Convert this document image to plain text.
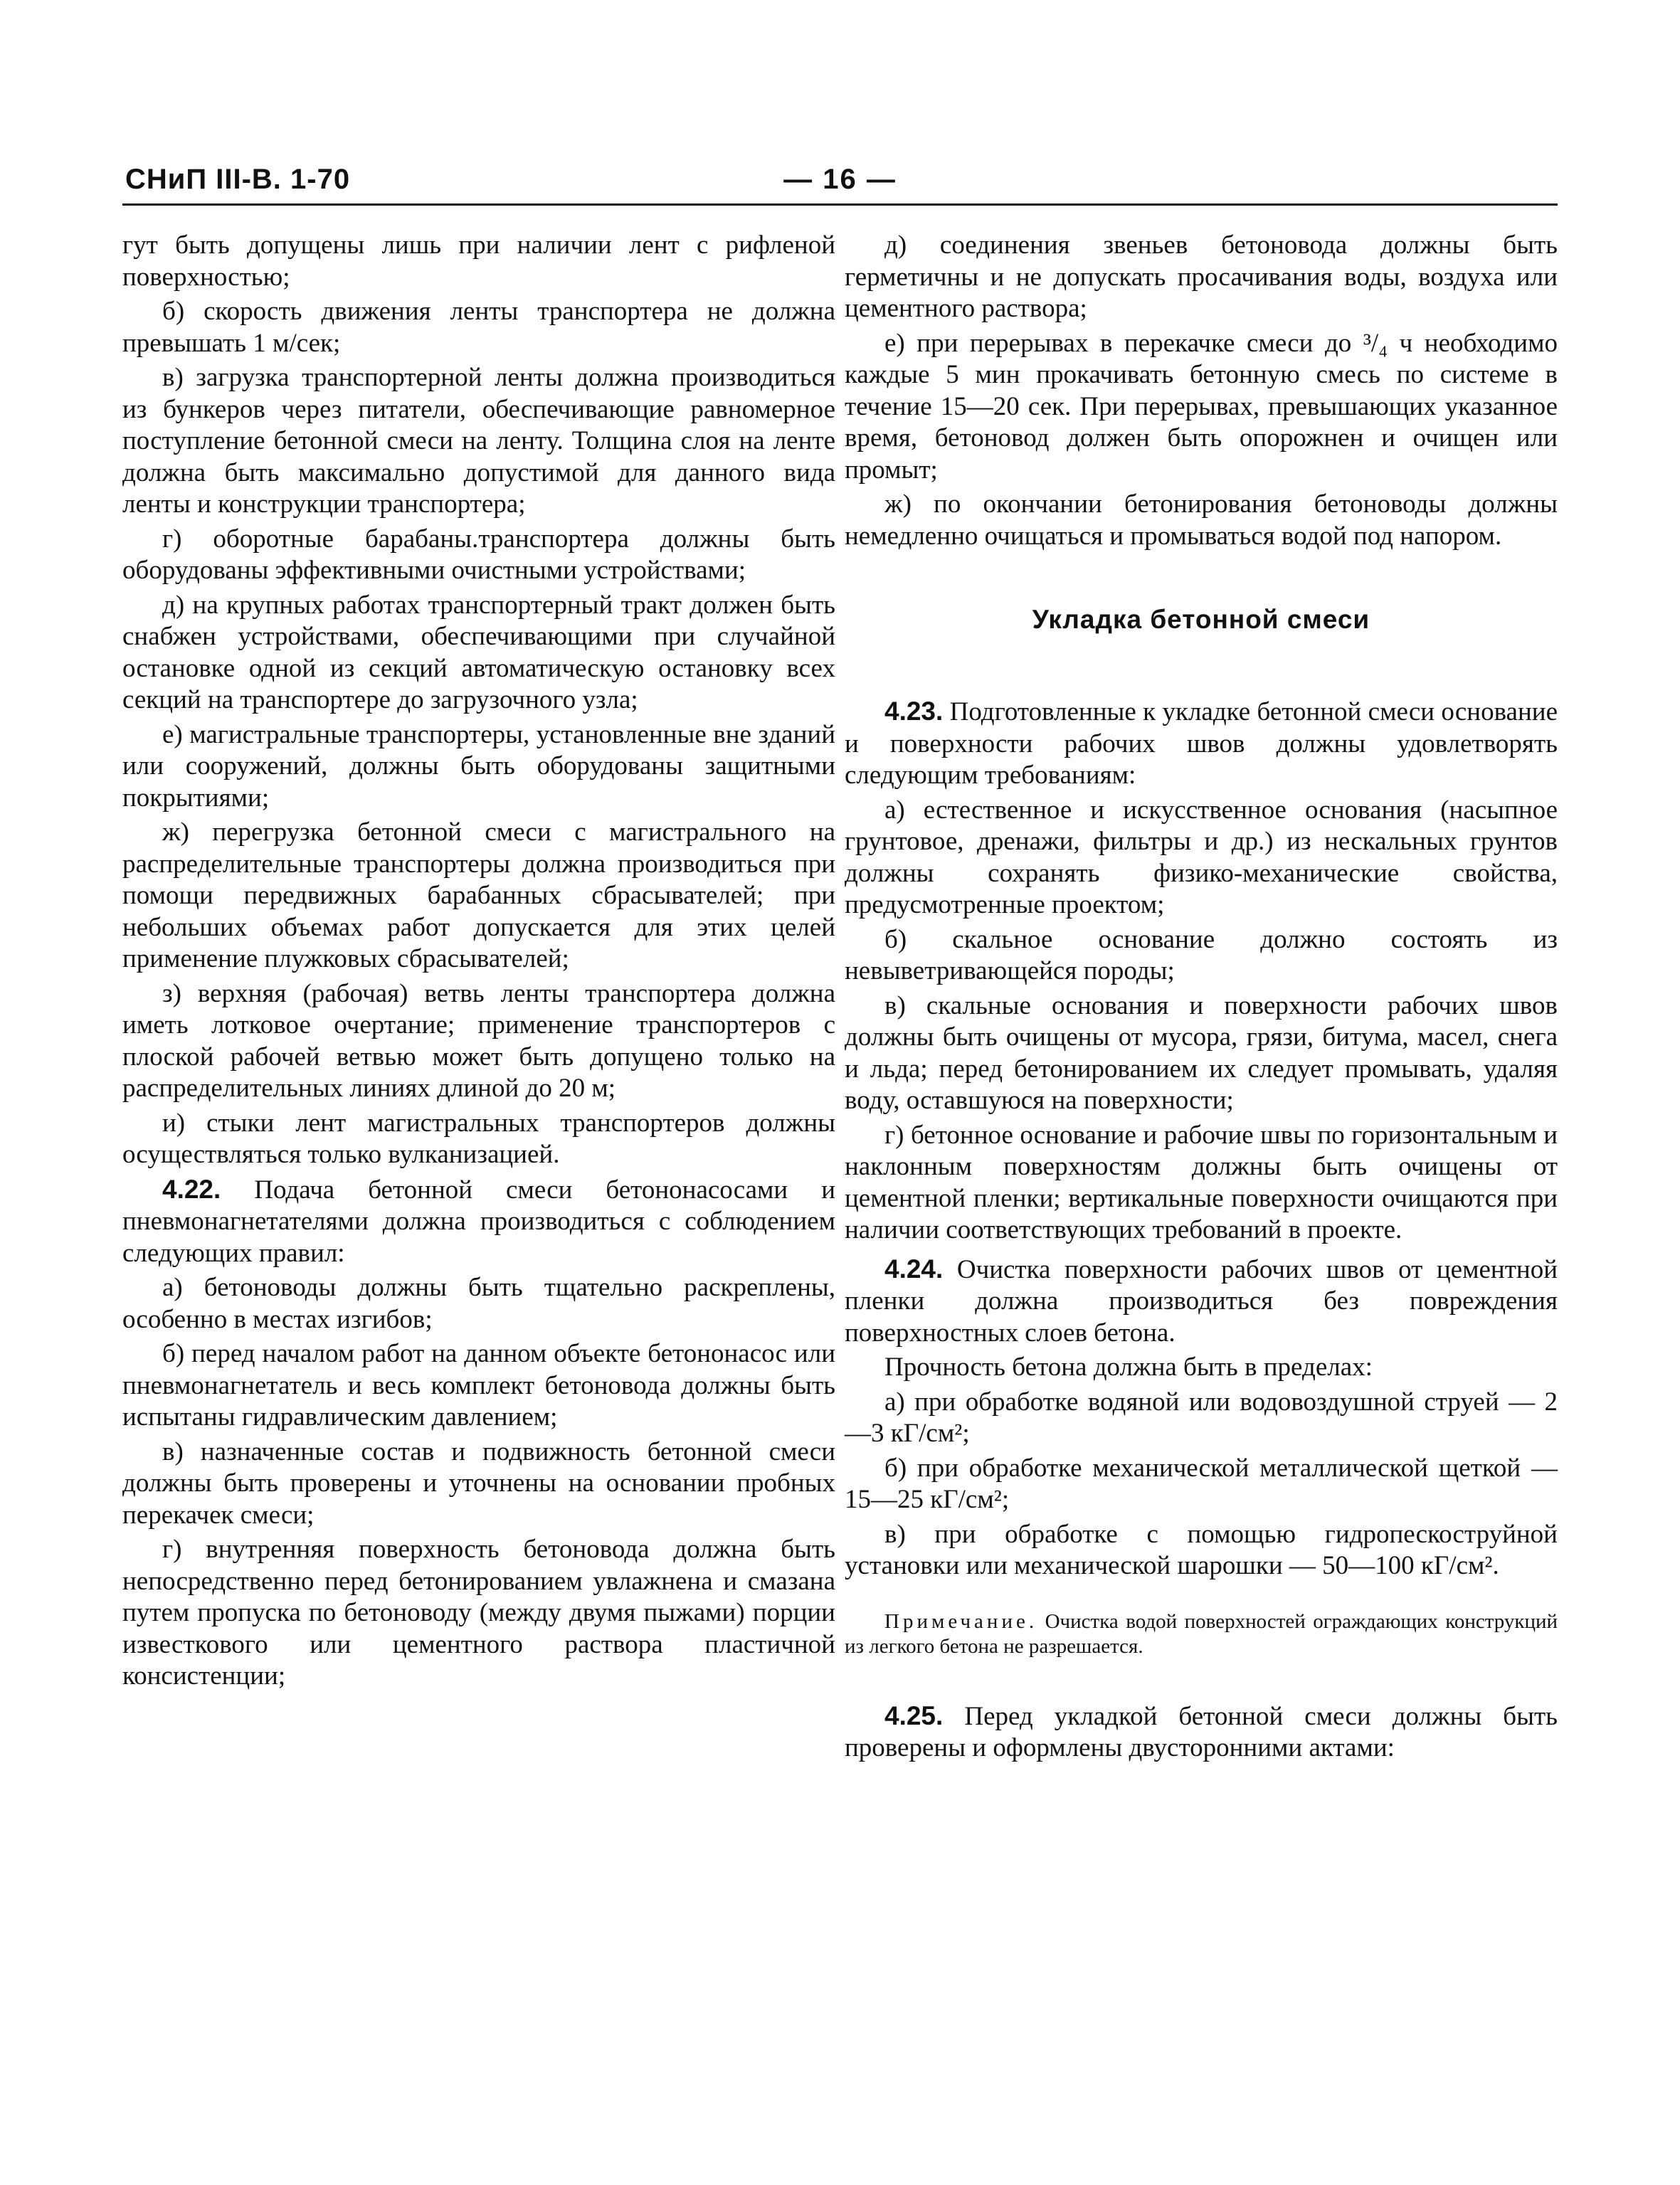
СНиП III-В. 1-70	— 16 —

гут быть допущены лишь при наличии лент с рифленой поверхностью;

б) скорость движения ленты транспортера не должна превышать 1 м/сек;

в) загрузка транспортерной ленты должна производиться из бункеров через питатели, обеспечивающие равномерное поступление бетонной смеси на ленту. Толщина слоя на ленте должна быть максимально допустимой для данного вида ленты и конструкции транспортера;

г) оборотные барабаны.транспортера должны быть оборудованы эффективными очистными устройствами;

д) на крупных работах транспортерный тракт должен быть снабжен устройствами, обеспечивающими при случайной остановке одной из секций автоматическую остановку всех секций на транспортере до загрузочного узла;

е) магистральные транспортеры, установленные вне зданий или сооружений, должны быть оборудованы защитными покрытиями;

ж) перегрузка бетонной смеси с магистрального на распределительные транспортеры должна производиться при помощи передвижных барабанных сбрасывателей; при небольших объемах работ допускается для этих целей применение плужковых сбрасывателей;

з) верхняя (рабочая) ветвь ленты транспортера должна иметь лотковое очертание; применение транспортеров с плоской рабочей ветвью может быть допущено только на распределительных линиях длиной до 20 м;

и) стыки лент магистральных транспортеров должны осуществляться только вулканизацией.

4.22. Подача бетонной смеси бетононасосами и пневмонагнетателями должна производиться с соблюдением следующих правил:

а) бетоноводы должны быть тщательно раскреплены, особенно в местах изгибов;

б) перед началом работ на данном объекте бетононасос или пневмонагнетатель и весь комплект бетоновода должны быть испытаны гидравлическим давлением;

в) назначенные состав и подвижность бетонной смеси должны быть проверены и уточнены на основании пробных перекачек смеси;

г) внутренняя поверхность бетоновода должна быть непосредственно перед бетонированием увлажнена и смазана путем пропуска по бетоноводу (между двумя пыжами) порции известкового или цементного раствора пластичной консистенции;

д) соединения звеньев бетоновода должны быть герметичны и не допускать просачивания воды, воздуха или цементного раствора;

е) при перерывах в перекачке смеси до ³/₄ ч необходимо каждые 5 мин прокачивать бетонную смесь по системе в течение 15—20 сек. При перерывах, превышающих указанное время, бетоновод должен быть опорожнен и очищен или промыт;

ж) по окончании бетонирования бетоноводы должны немедленно очищаться и промываться водой под напором.

Укладка бетонной смеси

4.23. Подготовленные к укладке бетонной смеси основание и поверхности рабочих швов должны удовлетворять следующим требованиям:

а) естественное и искусственное основания (насыпное грунтовое, дренажи, фильтры и др.) из нескальных грунтов должны сохранять физико-механические свойства, предусмотренные проектом;

б) скальное основание должно состоять из невыветривающейся породы;

в) скальные основания и поверхности рабочих швов должны быть очищены от мусора, грязи, битума, масел, снега и льда; перед бетонированием их следует промывать, удаляя воду, оставшуюся на поверхности;

г) бетонное основание и рабочие швы по горизонтальным и наклонным поверхностям должны быть очищены от цементной пленки; вертикальные поверхности очищаются при наличии соответствующих требований в проекте.

4.24. Очистка поверхности рабочих швов от цементной пленки должна производиться без повреждения поверхностных слоев бетона.

Прочность бетона должна быть в пределах:

а) при обработке водяной или водовоздушной струей — 2—3 кГ/см²;

б) при обработке механической металлической щеткой — 15—25 кГ/см²;

в) при обработке с помощью гидропескоструйной установки или механической шарошки — 50—100 кГ/см².

Примечание. Очистка водой поверхностей ограждающих конструкций из легкого бетона не разрешается.

4.25. Перед укладкой бетонной смеси должны быть проверены и оформлены двусторонними актами:
